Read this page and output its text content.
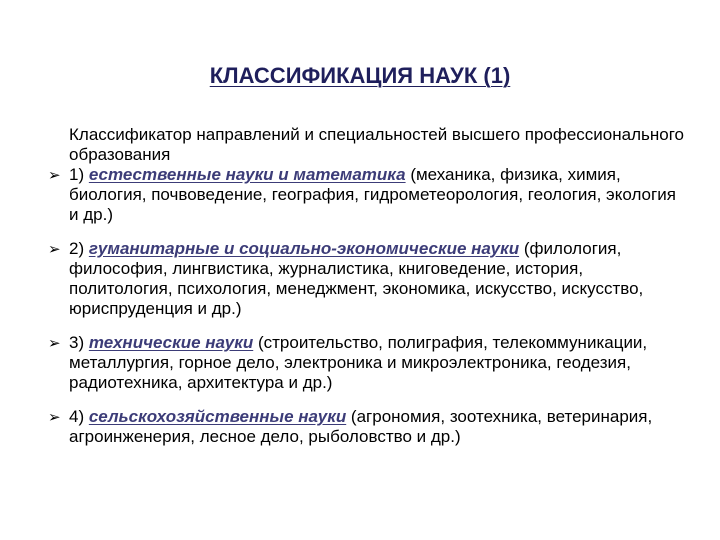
КЛАССИФИКАЦИЯ НАУК (1)
Классификатор направлений и специальностей высшего профессионального образования
➢ 1) естественные науки и математика (механика, физика, химия, биология, почвоведение, география, гидрометеорология, геология, экология и др.)
➢ 2) гуманитарные и социально-экономические науки (филология, философия, лингвистика, журналистика, книговедение, история, политология, психология, менеджмент, экономика, искусство, искусство, юриспруденция и др.)
➢ 3) технические науки (строительство, полиграфия, телекоммуникации, металлургия, горное дело, электроника и микроэлектроника, геодезия, радиотехника, архитектура и др.)
➢ 4) сельскохозяйственные науки (агрономия, зоотехника, ветеринария, агроинженерия, лесное дело, рыболовство и др.)
